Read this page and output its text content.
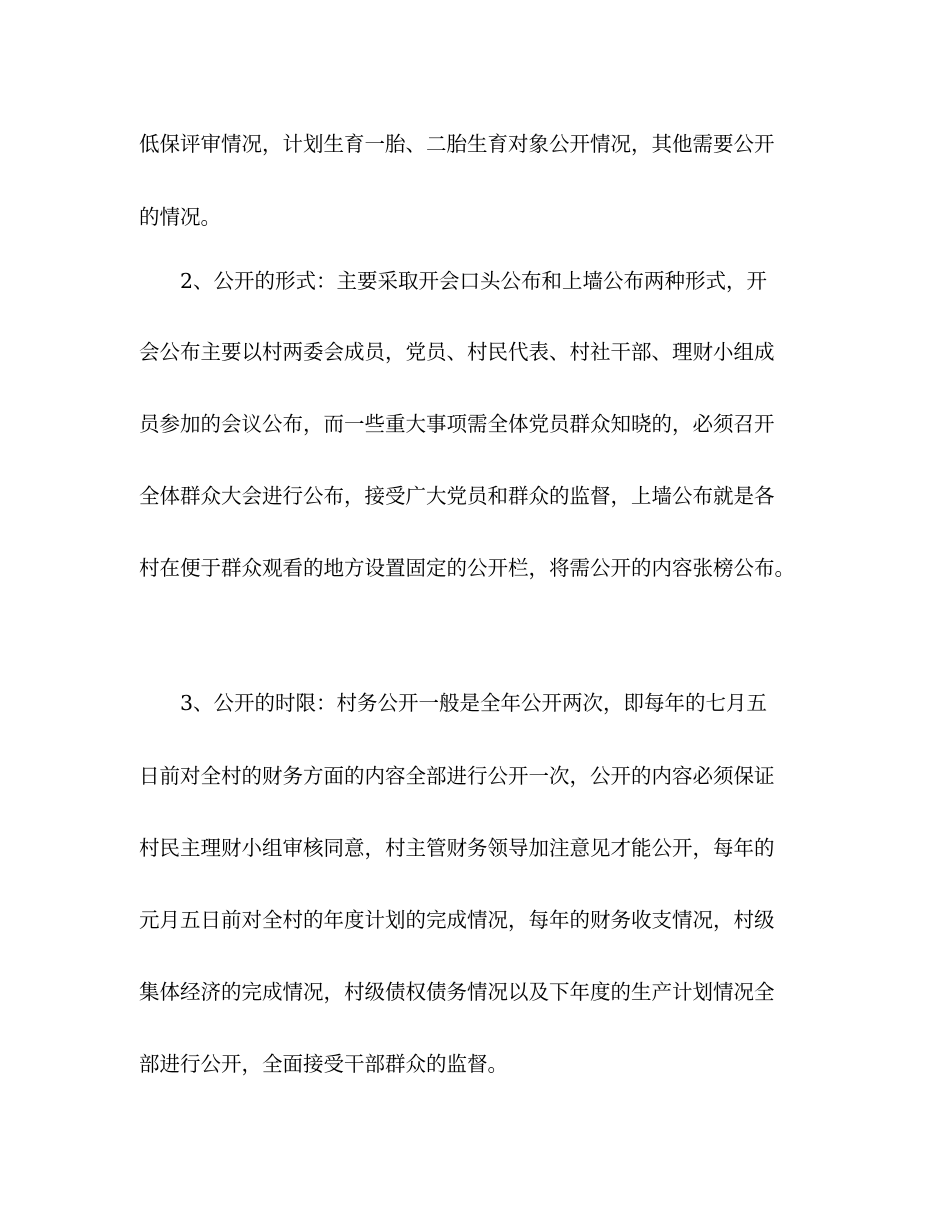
低保评审情况，计划生育一胎、二胎生育对象公开情况，其他需要公开
的情况。
　　2、公开的形式：主要采取开会口头公布和上墙公布两种形式，开
会公布主要以村两委会成员，党员、村民代表、村社干部、理财小组成
员参加的会议公布，而一些重大事项需全体党员群众知晓的，必须召开
全体群众大会进行公布，接受广大党员和群众的监督，上墙公布就是各
村在便于群众观看的地方设置固定的公开栏，将需公开的内容张榜公布。
　　3、公开的时限：村务公开一般是全年公开两次，即每年的七月五
日前对全村的财务方面的内容全部进行公开一次，公开的内容必须保证
村民主理财小组审核同意，村主管财务领导加注意见才能公开，每年的
元月五日前对全村的年度计划的完成情况，每年的财务收支情况，村级
集体经济的完成情况，村级债权债务情况以及下年度的生产计划情况全
部进行公开，全面接受干部群众的监督。
